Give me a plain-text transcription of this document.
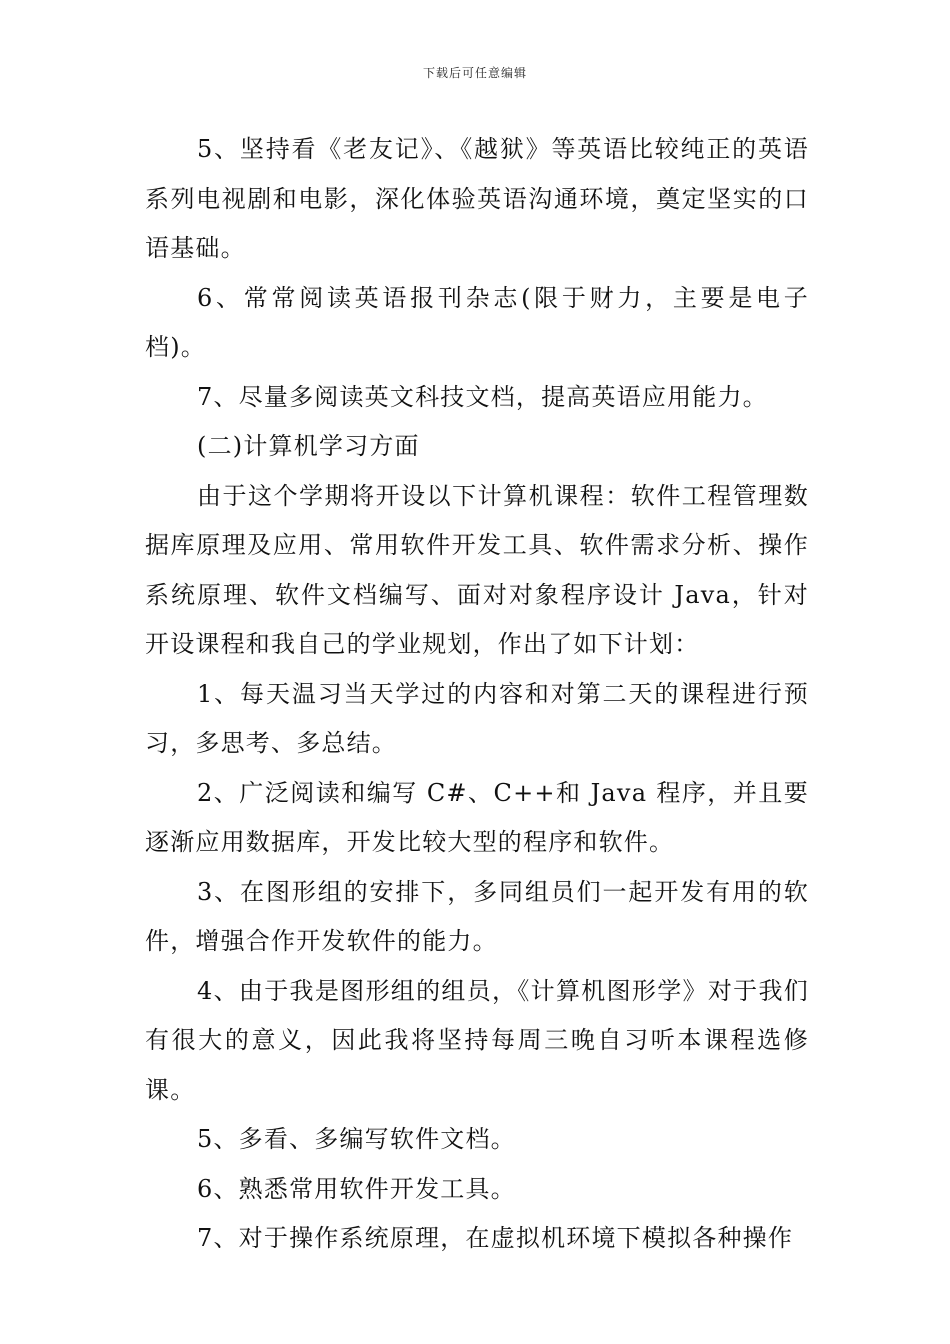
下载后可任意编辑

5、坚持看《老友记》、《越狱》等英语比较纯正的英语系列电视剧和电影，深化体验英语沟通环境，奠定坚实的口语基础。

6、常常阅读英语报刊杂志(限于财力，主要是电子档)。

7、尽量多阅读英文科技文档，提高英语应用能力。

(二)计算机学习方面

由于这个学期将开设以下计算机课程：软件工程管理数据库原理及应用、常用软件开发工具、软件需求分析、操作系统原理、软件文档编写、面对对象程序设计 Java，针对开设课程和我自己的学业规划，作出了如下计划：

1、每天温习当天学过的内容和对第二天的课程进行预习，多思考、多总结。

2、广泛阅读和编写 C#、C++和 Java 程序，并且要逐渐应用数据库，开发比较大型的程序和软件。

3、在图形组的安排下，多同组员们一起开发有用的软件，增强合作开发软件的能力。

4、由于我是图形组的组员，《计算机图形学》对于我们有很大的意义，因此我将坚持每周三晚自习听本课程选修课。

5、多看、多编写软件文档。

6、熟悉常用软件开发工具。

7、对于操作系统原理，在虚拟机环境下模拟各种操作
